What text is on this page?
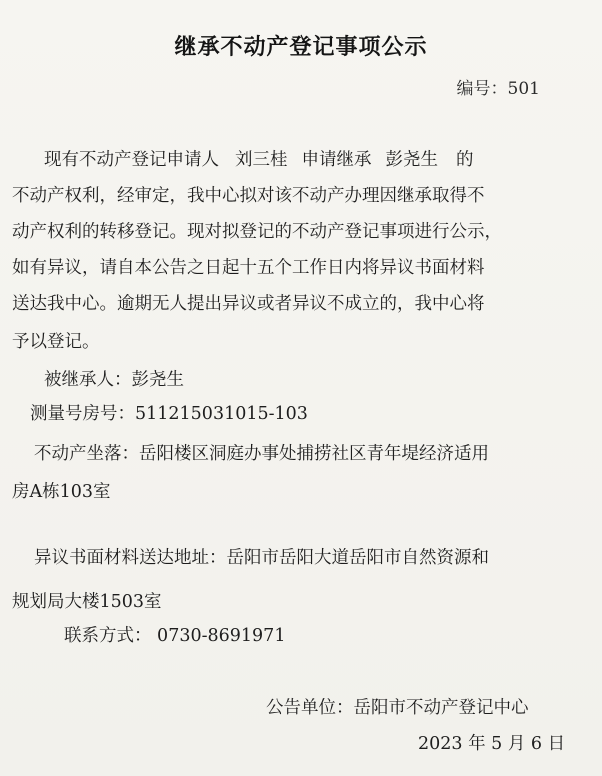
继承不动产登记事项公示
编号：501
现有不动产登记申请人 刘三桂 申请继承 彭尧生 的
不动产权利，经审定，我中心拟对该不动产办理因继承取得不
动产权利的转移登记。现对拟登记的不动产登记事项进行公示，
如有异议，请自本公告之日起十五个工作日内将异议书面材料
送达我中心。逾期无人提出异议或者异议不成立的，我中心将
予以登记。
被继承人：彭尧生
测量号房号：511215031015-103
不动产坐落：岳阳楼区洞庭办事处捕捞社区青年堤经济适用
房A栋103室
异议书面材料送达地址：岳阳市岳阳大道岳阳市自然资源和
规划局大楼1503室
联系方式： 0730-8691971
公告单位：岳阳市不动产登记中心
2023 年 5 月 6 日
